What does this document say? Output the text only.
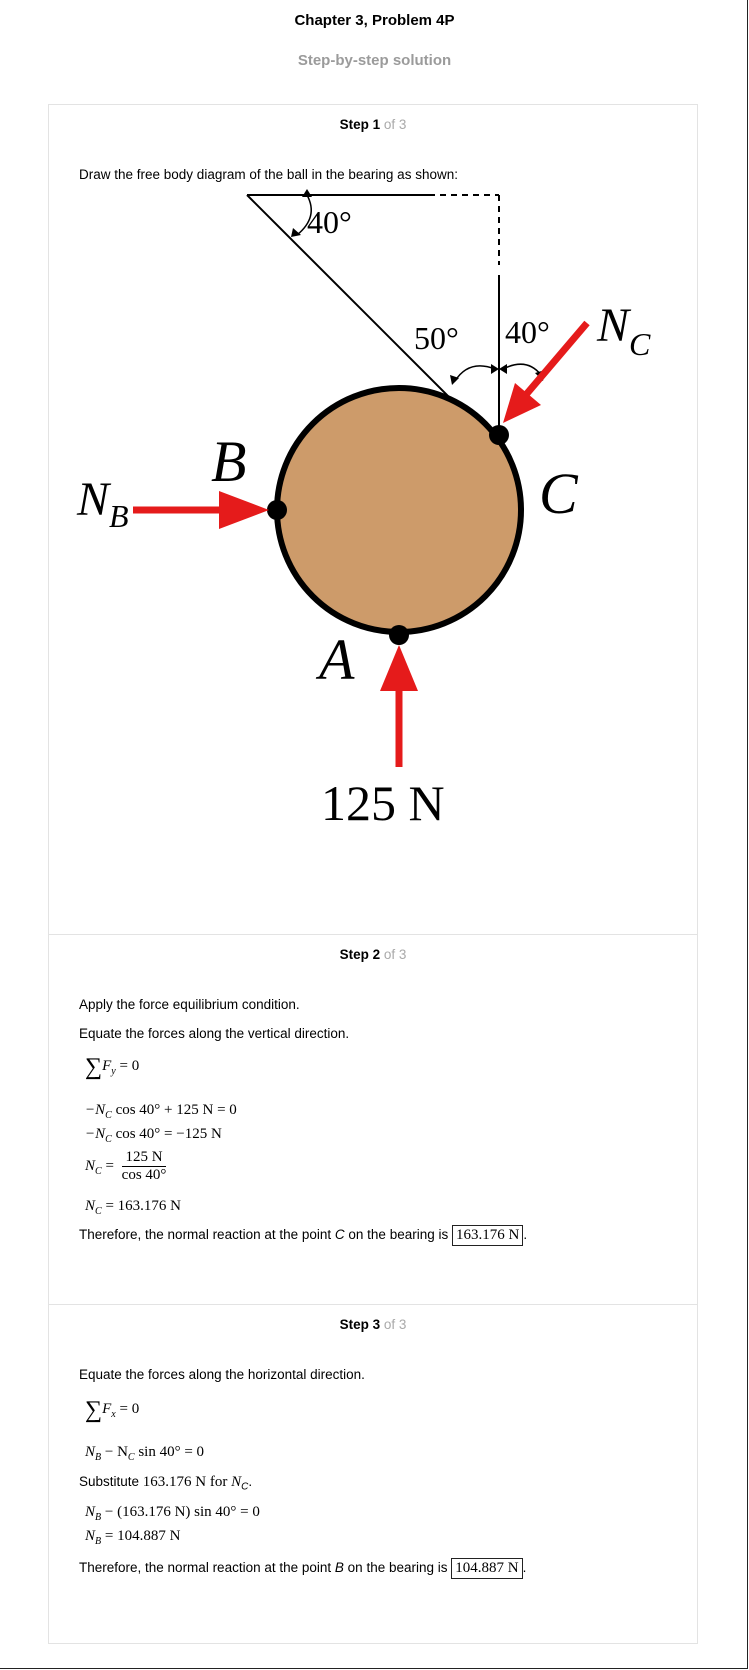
Chapter 3, Problem 4P
Step-by-step solution
Step 1 of 3
Draw the free body diagram of the ball in the bearing as shown:
40°
50° 40° $N_C$
$N_B$
B	C
A
125 N
Step 2 of 3
Apply the force equilibrium condition.
Equate the forces along the vertical direction.
$\sum F_y = 0$
$-N_C$ cos 40° + 125 N = 0
$-N_C$ cos 40° = −125 N
$N_C = \frac{125 N}{\cos 40^\circ}$
$N_C = 163.176$ N
Therefore, the normal reaction at the point C on the bearing is 163.176 N .
Step 3 of 3
Equate the forces along the horizontal direction.
$\sum F_x = 0$
$N_B - N_C$ sin 40° = 0
Substitute 163.176 N for $N_C$.
$N_B - (163.176$ N) sin 40° = 0
$N_B = 104.887$ N
Therefore, the normal reaction at the point B on the bearing is 104.887 N .
